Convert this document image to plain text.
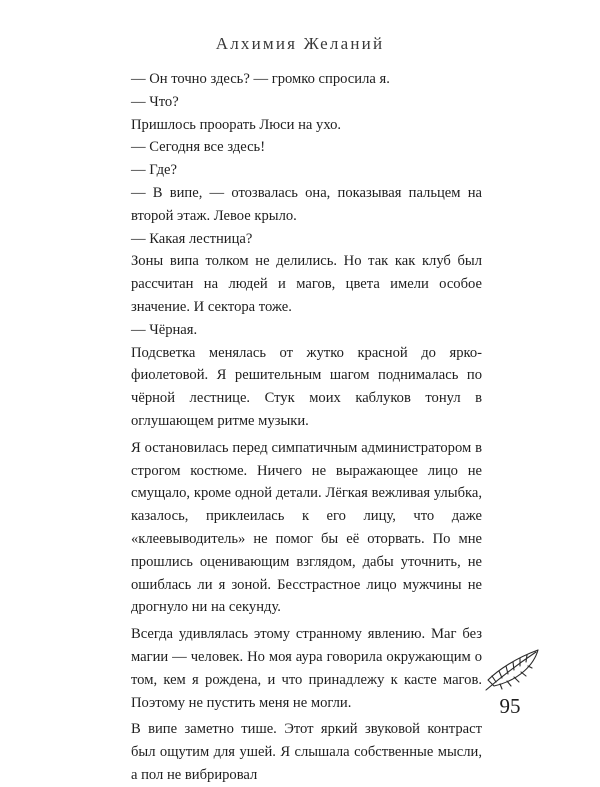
Алхимия Желаний

— Он точно здесь? — громко спросила я.

— Что?

Пришлось проорать Люси на ухо.

— Сегодня все здесь!

— Где?

— В випе, — отозвалась она, показывая пальцем на второй этаж. Левое крыло.

— Какая лестница?

Зоны випа толком не делились. Но так как клуб был рассчитан на людей и магов, цвета имели особое значение. И сектора тоже.

— Чёрная.

Подсветка менялась от жутко красной до ярко-фиолетовой. Я решительным шагом поднималась по чёрной лестнице. Стук моих каблуков тонул в оглушающем ритме музыки.

Я остановилась перед симпатичным администратором в строгом костюме. Ничего не выражающее лицо не смущало, кроме одной детали. Лёгкая вежливая улыбка, казалось, приклеилась к его лицу, что даже «клеевыводитель» не помог бы её оторвать. По мне прошлись оценивающим взглядом, дабы уточнить, не ошиблась ли я зоной. Бесстрастное лицо мужчины не дрогнуло ни на секунду.

Всегда удивлялась этому странному явлению. Маг без магии — человек. Но моя аура говорила окружающим о том, кем я рождена, и что принадлежу к касте магов. Поэтому не пустить меня не могли.

В випе заметно тише. Этот яркий звуковой контраст был ощутим для ушей. Я слышала собственные мысли, а пол не вибрировал

95
